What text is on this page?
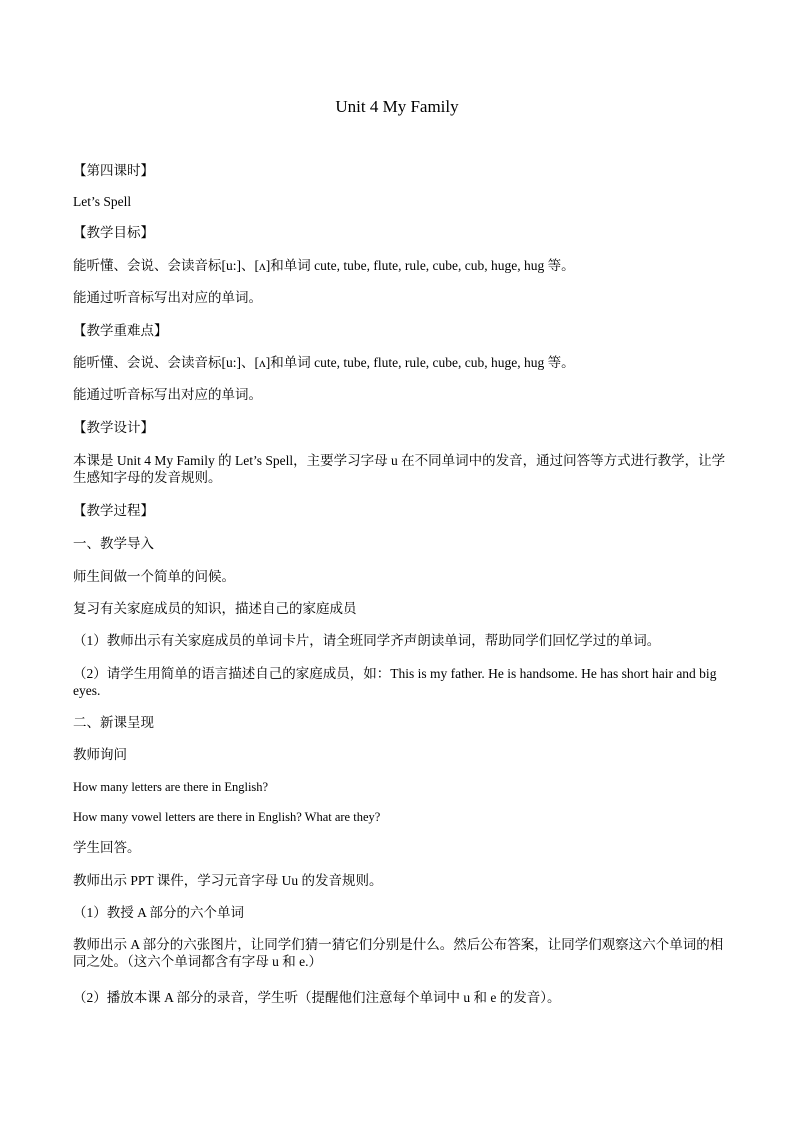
Unit 4 My Family

【第四课时】

Let’s Spell

【教学目标】

能听懂、会说、会读音标[u:]、[ʌ]和单词 cute, tube, flute, rule, cube, cub, huge, hug 等。

能通过听音标写出对应的单词。

【教学重难点】

能听懂、会说、会读音标[u:]、[ʌ]和单词 cute, tube, flute, rule, cube, cub, huge, hug 等。

能通过听音标写出对应的单词。

【教学设计】

本课是 Unit 4 My Family 的 Let’s Spell，主要学习字母 u 在不同单词中的发音，通过问答等方式进行教学，让学生感知字母的发音规则。

【教学过程】

一、教学导入

师生间做一个简单的问候。

复习有关家庭成员的知识，描述自己的家庭成员

（1）教师出示有关家庭成员的单词卡片，请全班同学齐声朗读单词，帮助同学们回忆学过的单词。

（2）请学生用简单的语言描述自己的家庭成员，如：This is my father. He is handsome. He has short hair and big eyes.

二、新课呈现

教师询问

How many letters are there in English?

How many vowel letters are there in English? What are they?

学生回答。

教师出示 PPT 课件，学习元音字母 Uu 的发音规则。

（1）教授 A 部分的六个单词

教师出示 A 部分的六张图片，让同学们猜一猜它们分别是什么。然后公布答案，让同学们观察这六个单词的相同之处。（这六个单词都含有字母 u 和 e.）

（2）播放本课 A 部分的录音，学生听（提醒他们注意每个单词中 u 和 e 的发音）。
